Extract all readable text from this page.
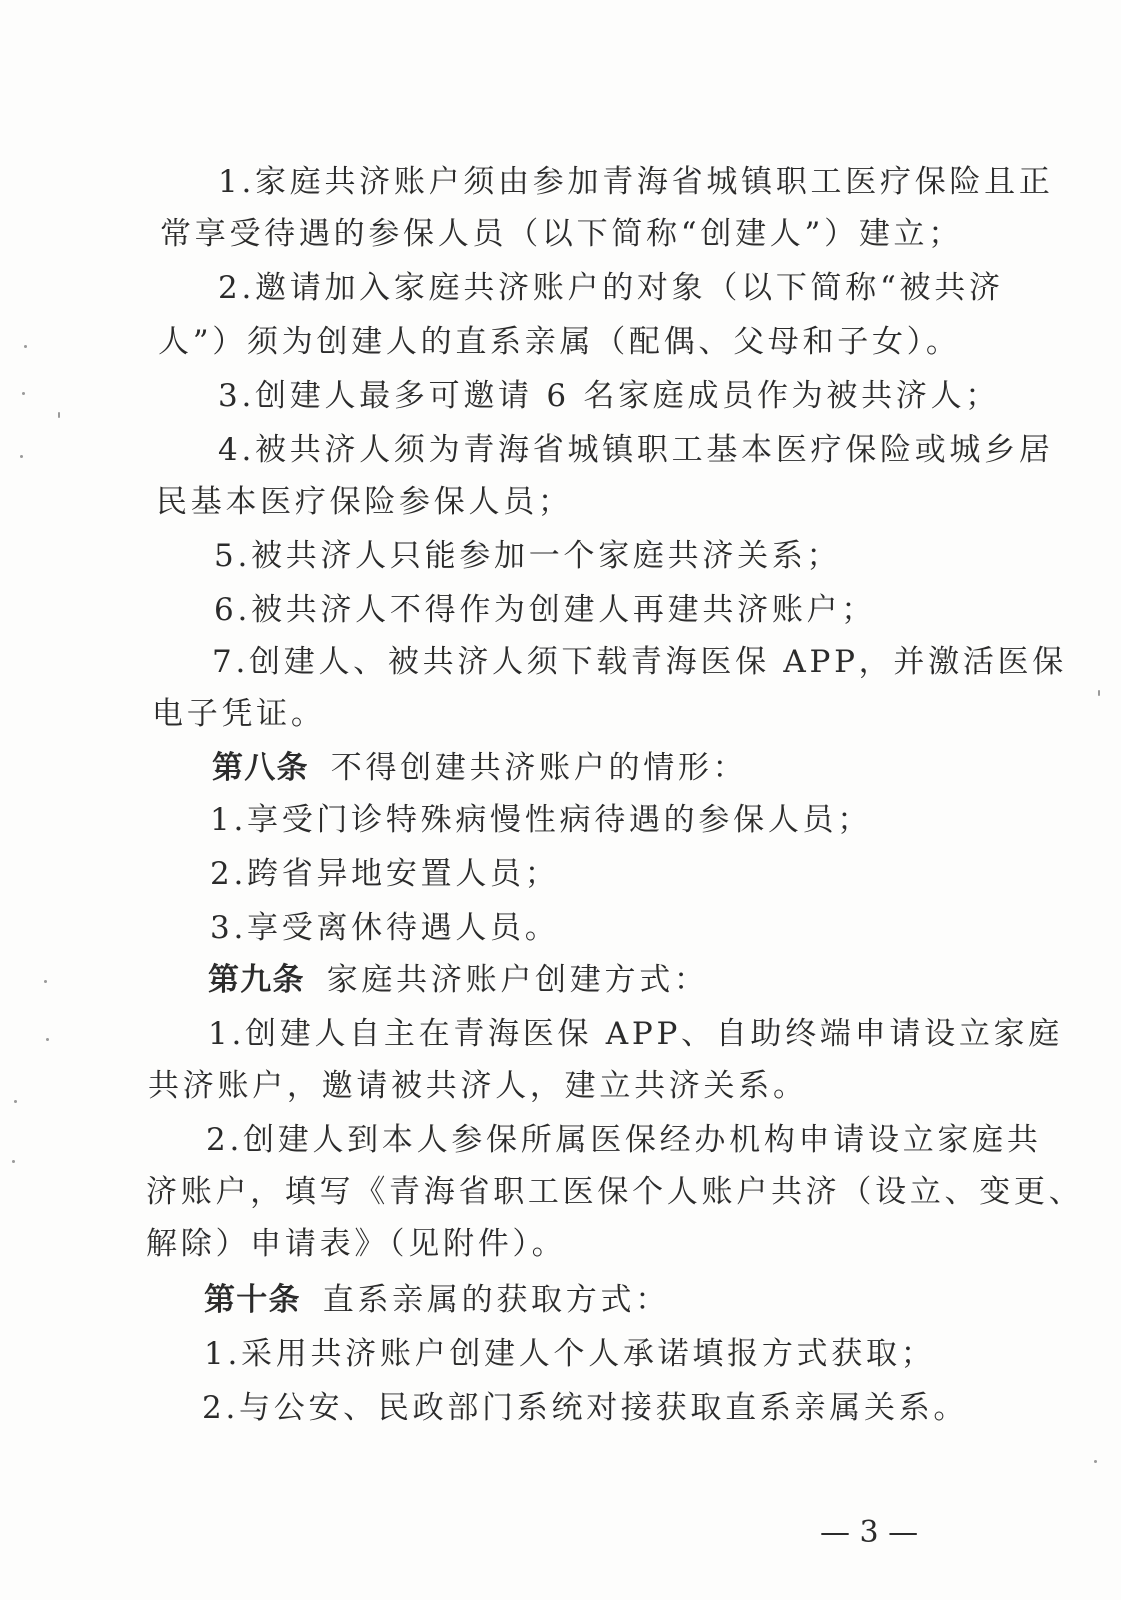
1.家庭共济账户须由参加青海省城镇职工医疗保险且正
常享受待遇的参保人员（以下简称“创建人”）建立；
2.邀请加入家庭共济账户的对象（以下简称“被共济
人”）须为创建人的直系亲属（配偶、父母和子女）。
3.创建人最多可邀请 6 名家庭成员作为被共济人；
4.被共济人须为青海省城镇职工基本医疗保险或城乡居
民基本医疗保险参保人员；
5.被共济人只能参加一个家庭共济关系；
6.被共济人不得作为创建人再建共济账户；
7.创建人、被共济人须下载青海医保 APP，并激活医保
电子凭证。
第八条 不得创建共济账户的情形：
1.享受门诊特殊病慢性病待遇的参保人员；
2.跨省异地安置人员；
3.享受离休待遇人员。
第九条 家庭共济账户创建方式：
1.创建人自主在青海医保 APP、自助终端申请设立家庭
共济账户，邀请被共济人，建立共济关系。
2.创建人到本人参保所属医保经办机构申请设立家庭共
济账户，填写《青海省职工医保个人账户共济（设立、变更、
解除）申请表》（见附件）。
第十条 直系亲属的获取方式：
1.采用共济账户创建人个人承诺填报方式获取；
2.与公安、民政部门系统对接获取直系亲属关系。
— 3 —
